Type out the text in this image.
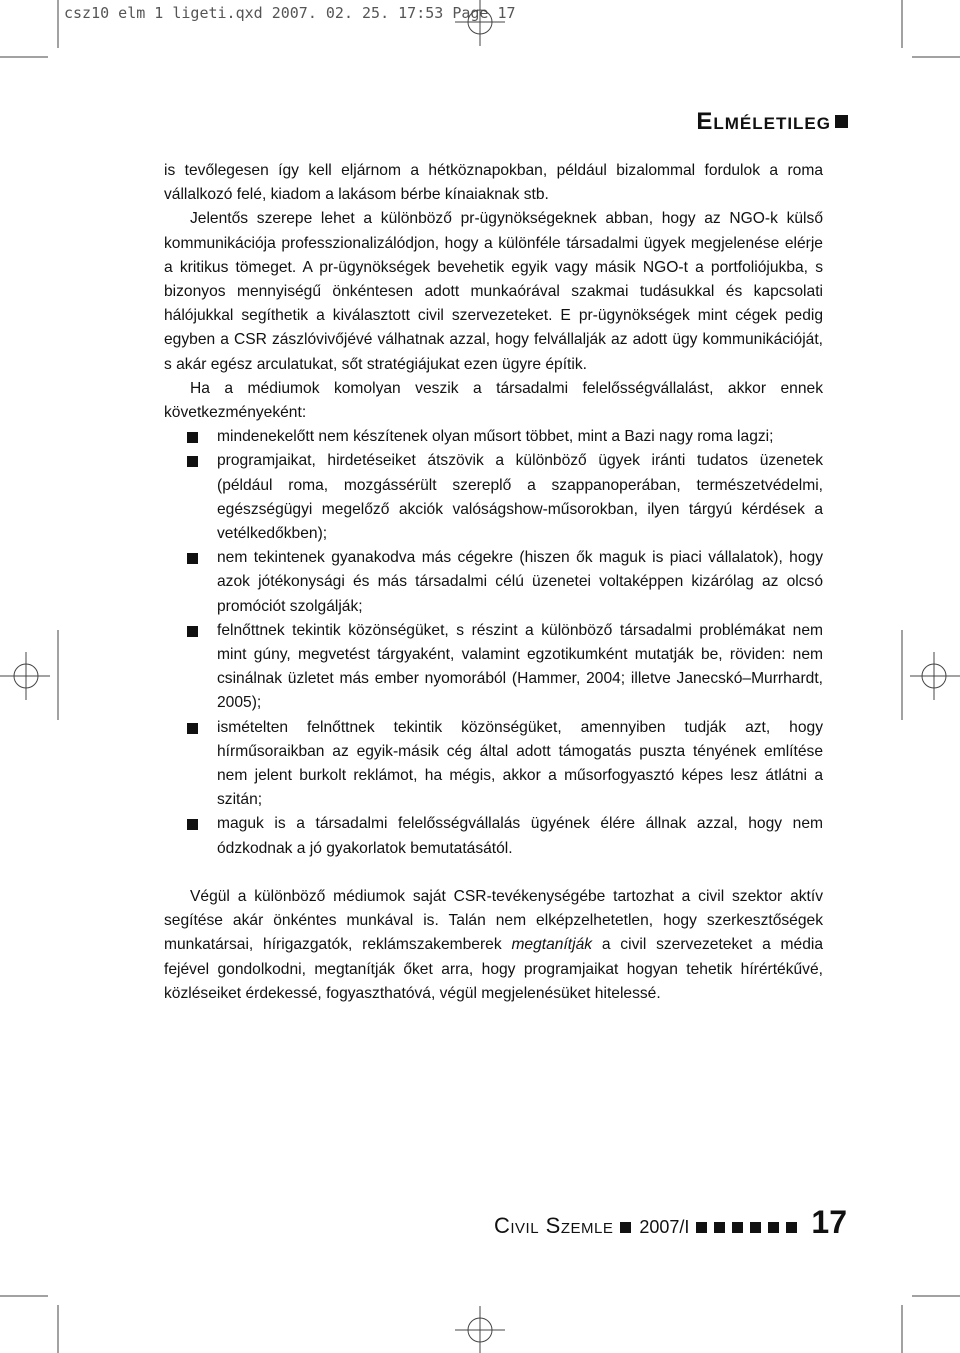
csz10 elm 1 ligeti.qxd 2007. 02. 25. 17:53 Page 17
Elméletileg

is tevőlegesen így kell eljárnom a hétköznapokban, például bizalommal fordulok a roma vállalkozó felé, kiadom a lakásom bérbe kínaiaknak stb.

Jelentős szerepe lehet a különböző pr-ügynökségeknek abban, hogy az NGO-k külső kommunikációja professzionalizálódjon, hogy a különféle társadalmi ügyek megjelenése elérje a kritikus tömeget. A pr-ügynökségek bevehetik egyik vagy másik NGO-t a portfoliójukba, s bizonyos mennyiségű önkéntesen adott munkaórával szakmai tudásukkal és kapcsolati hálójukkal segíthetik a kiválasztott civil szervezeteket. E pr-ügynökségek mint cégek pedig egyben a CSR zászlóvivőjévé válhatnak azzal, hogy felvállalják az adott ügy kommunikációját, s akár egész arculatukat, sőt stratégiájukat ezen ügyre építik.

Ha a médiumok komolyan veszik a társadalmi felelősségvállalást, akkor ennek következményeként:

mindenekelőtt nem készítenek olyan műsort többet, mint a Bazi nagy roma lagzi;
programjaikat, hirdetéseiket átszövik a különböző ügyek iránti tudatos üzenetek (például roma, mozgássérült szereplő a szappanoperában, természetvédelmi, egészségügyi megelőző akciók valóságshow-műsorokban, ilyen tárgyú kérdések a vetélkedőkben);
nem tekintenek gyanakodva más cégekre (hiszen ők maguk is piaci vállalatok), hogy azok jótékonysági és más társadalmi célú üzenetei voltaképpen kizárólag az olcsó promóciót szolgálják;
felnőttnek tekintik közönségüket, s részint a különböző társadalmi problémákat nem mint gúny, megvetést tárgyaként, valamint egzotikumként mutatják be, röviden: nem csinálnak üzletet más ember nyomorából (Hammer, 2004; illetve Janecskó–Murrhardt, 2005);
ismételten felnőttnek tekintik közönségüket, amennyiben tudják azt, hogy hírműsoraikban az egyik-másik cég által adott támogatás puszta tényének említése nem jelent burkolt reklámot, ha mégis, akkor a műsorfogyasztó képes lesz átlátni a szitán;
maguk is a társadalmi felelősségvállalás ügyének élére állnak azzal, hogy nem ódzkodnak a jó gyakorlatok bemutatásától.

Végül a különböző médiumok saját CSR-tevékenységébe tartozhat a civil szektor aktív segítése akár önkéntes munkával is. Talán nem elképzelhetetlen, hogy szerkesztőségek munkatársai, hírigazgatók, reklámszakemberek megtanítják a civil szervezeteket a média fejével gondolkodni, megtanítják őket arra, hogy programjaikat hogyan tehetik hírértékűvé, közléseiket érdekessé, fogyaszthatóvá, végül megjelenésüket hitelessé.

Civil Szemle 2007/I	17
